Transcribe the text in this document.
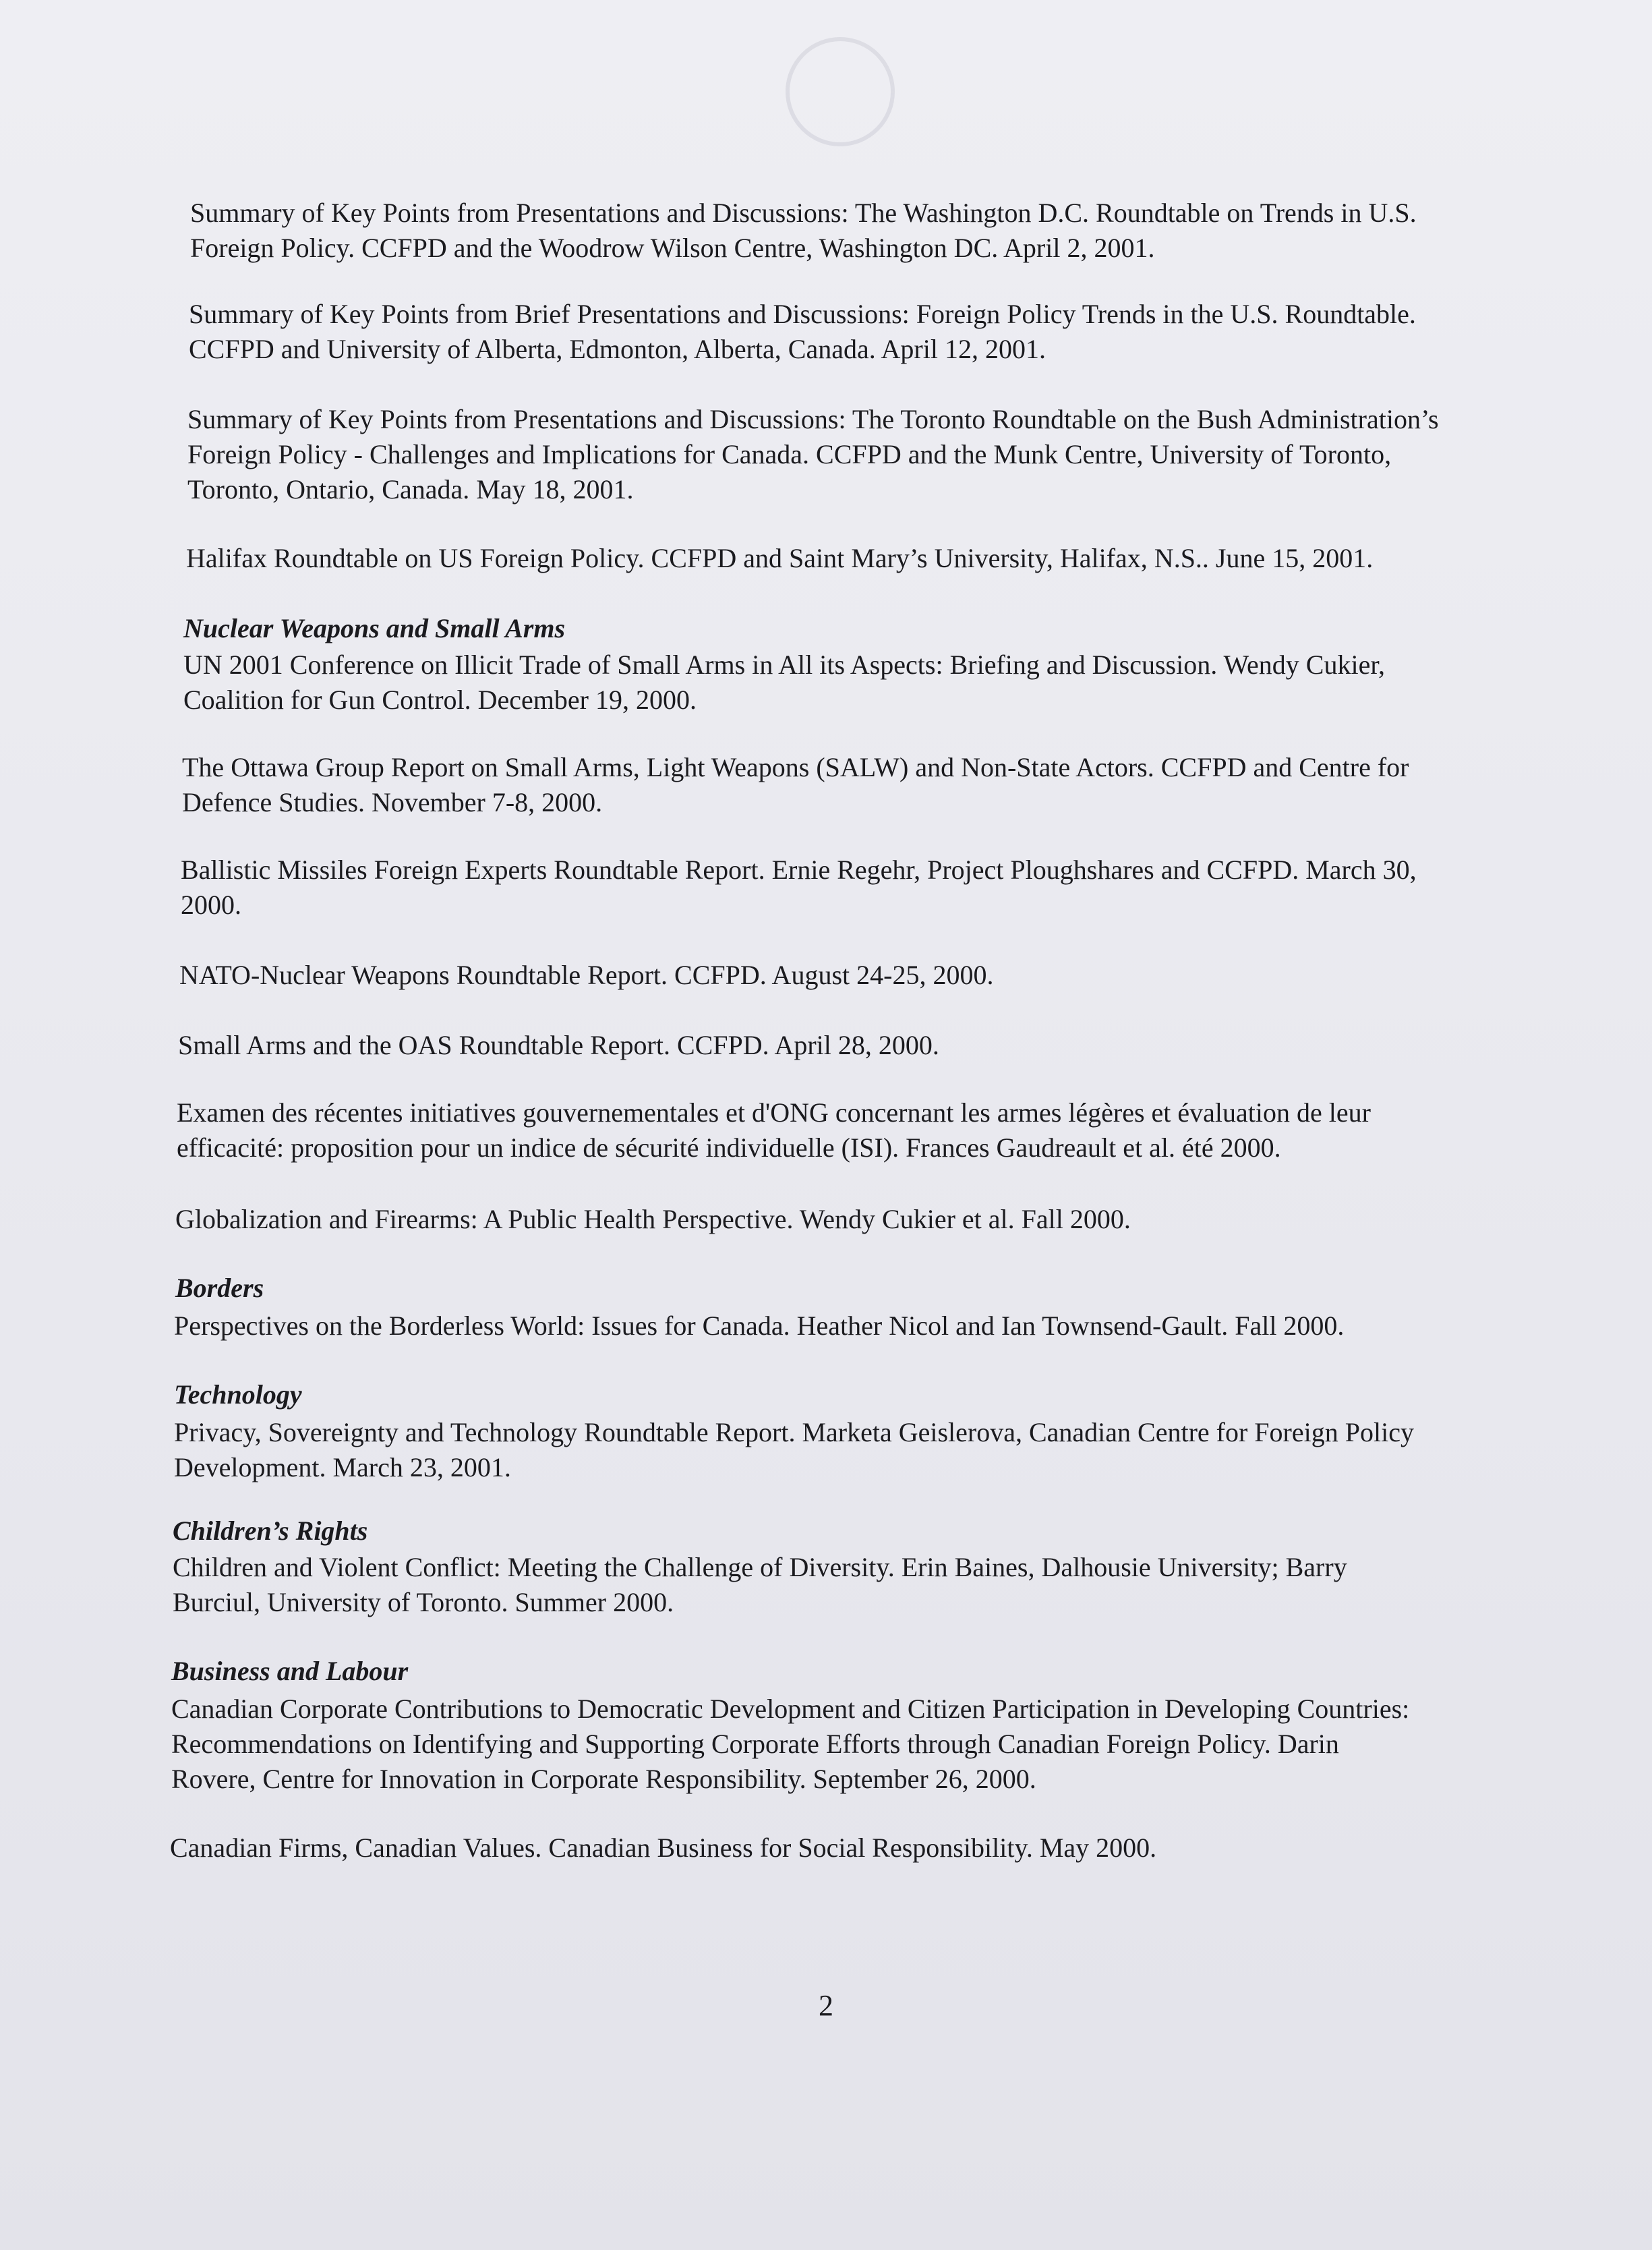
Summary of Key Points from Presentations and Discussions: The Washington D.C. Roundtable on Trends in U.S.
Foreign Policy. CCFPD and the Woodrow Wilson Centre, Washington DC. April 2, 2001.
Summary of Key Points from Brief Presentations and Discussions: Foreign Policy Trends in the U.S. Roundtable.
CCFPD and University of Alberta, Edmonton, Alberta, Canada. April 12, 2001.
Summary of Key Points from Presentations and Discussions: The Toronto Roundtable on the Bush Administration’s
Foreign Policy - Challenges and Implications for Canada. CCFPD and the Munk Centre, University of Toronto,
Toronto, Ontario, Canada. May 18, 2001.
Halifax Roundtable on US Foreign Policy. CCFPD and Saint Mary’s University, Halifax, N.S.. June 15, 2001.
Nuclear Weapons and Small Arms
UN 2001 Conference on Illicit Trade of Small Arms in All its Aspects: Briefing and Discussion. Wendy Cukier,
Coalition for Gun Control. December 19, 2000.
The Ottawa Group Report on Small Arms, Light Weapons (SALW) and Non-State Actors. CCFPD and Centre for
Defence Studies. November 7-8, 2000.
Ballistic Missiles Foreign Experts Roundtable Report. Ernie Regehr, Project Ploughshares and CCFPD. March 30,
2000.
NATO-Nuclear Weapons Roundtable Report. CCFPD. August 24-25, 2000.
Small Arms and the OAS Roundtable Report. CCFPD. April 28, 2000.
Examen des récentes initiatives gouvernementales et d'ONG concernant les armes légères et évaluation de leur
efficacité: proposition pour un indice de sécurité individuelle (ISI). Frances Gaudreault et al. été 2000.
Globalization and Firearms: A Public Health Perspective. Wendy Cukier et al. Fall 2000.
Borders
Perspectives on the Borderless World: Issues for Canada. Heather Nicol and Ian Townsend-Gault. Fall 2000.
Technology
Privacy, Sovereignty and Technology Roundtable Report. Marketa Geislerova, Canadian Centre for Foreign Policy
Development. March 23, 2001.
Children’s Rights
Children and Violent Conflict: Meeting the Challenge of Diversity. Erin Baines, Dalhousie University; Barry
Burciul, University of Toronto. Summer 2000.
Business and Labour
Canadian Corporate Contributions to Democratic Development and Citizen Participation in Developing Countries:
Recommendations on Identifying and Supporting Corporate Efforts through Canadian Foreign Policy. Darin
Rovere, Centre for Innovation in Corporate Responsibility. September 26, 2000.
Canadian Firms, Canadian Values. Canadian Business for Social Responsibility. May 2000.
2
